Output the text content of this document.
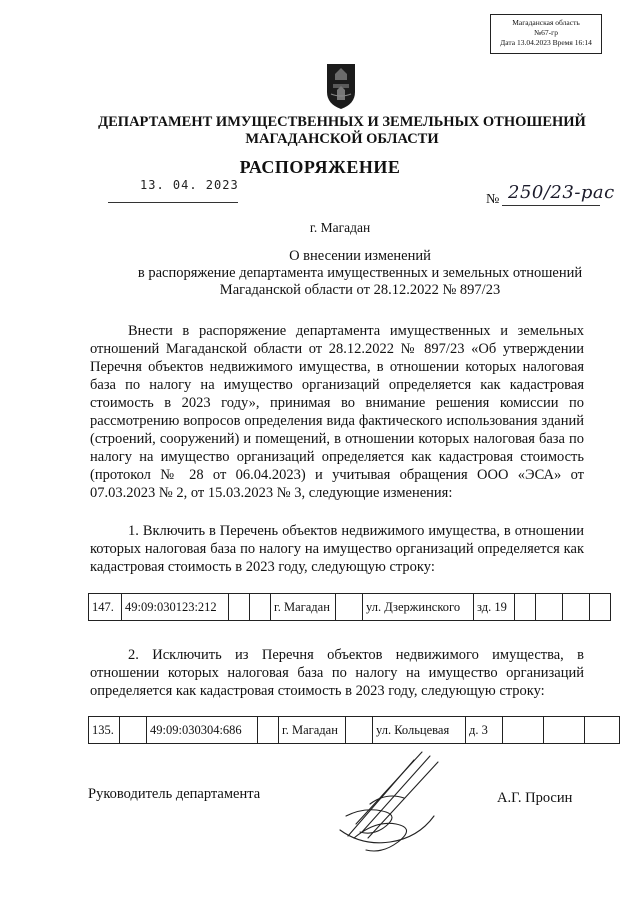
Магаданская область
№67-гр
Дата 13.04.2023 Время 16:14
ДЕПАРТАМЕНТ ИМУЩЕСТВЕННЫХ И ЗЕМЕЛЬНЫХ ОТНОШЕНИЙ
МАГАДАНСКОЙ ОБЛАСТИ
РАСПОРЯЖЕНИЕ
13. 04. 2023
№ 250/23-рас
г. Магадан
О внесении изменений
в распоряжение департамента имущественных и земельных отношений
Магаданской области от 28.12.2022 № 897/23
Внести в распоряжение департамента имущественных и земельных отношений Магаданской области от 28.12.2022 № 897/23 «Об утверждении Перечня объектов недвижимого имущества, в отношении которых налоговая база по налогу на имущество организаций определяется как кадастровая стоимость в 2023 году», принимая во внимание решения комиссии по рассмотрению вопросов определения вида фактического использования зданий (строений, сооружений) и помещений, в отношении которых налоговая база по налогу на имущество организаций определяется как кадастровая стоимость (протокол № 28 от 06.04.2023) и учитывая обращения ООО «ЭСА» от 07.03.2023 № 2, от 15.03.2023 № 3, следующие изменения:
1. Включить в Перечень объектов недвижимого имущества, в отношении которых налоговая база по налогу на имущество организаций определяется как кадастровая стоимость в 2023 году, следующую строку:
147.	49:09:030123:212			г. Магадан		ул. Дзержинского	зд. 19				
2. Исключить из Перечня объектов недвижимого имущества, в отношении которых налоговая база по налогу на имущество организаций определяется как кадастровая стоимость в 2023 году, следующую строку:
135.		49:09:030304:686		г. Магадан		ул. Кольцевая	д. 3			
Руководитель департамента	А.Г. Просин
